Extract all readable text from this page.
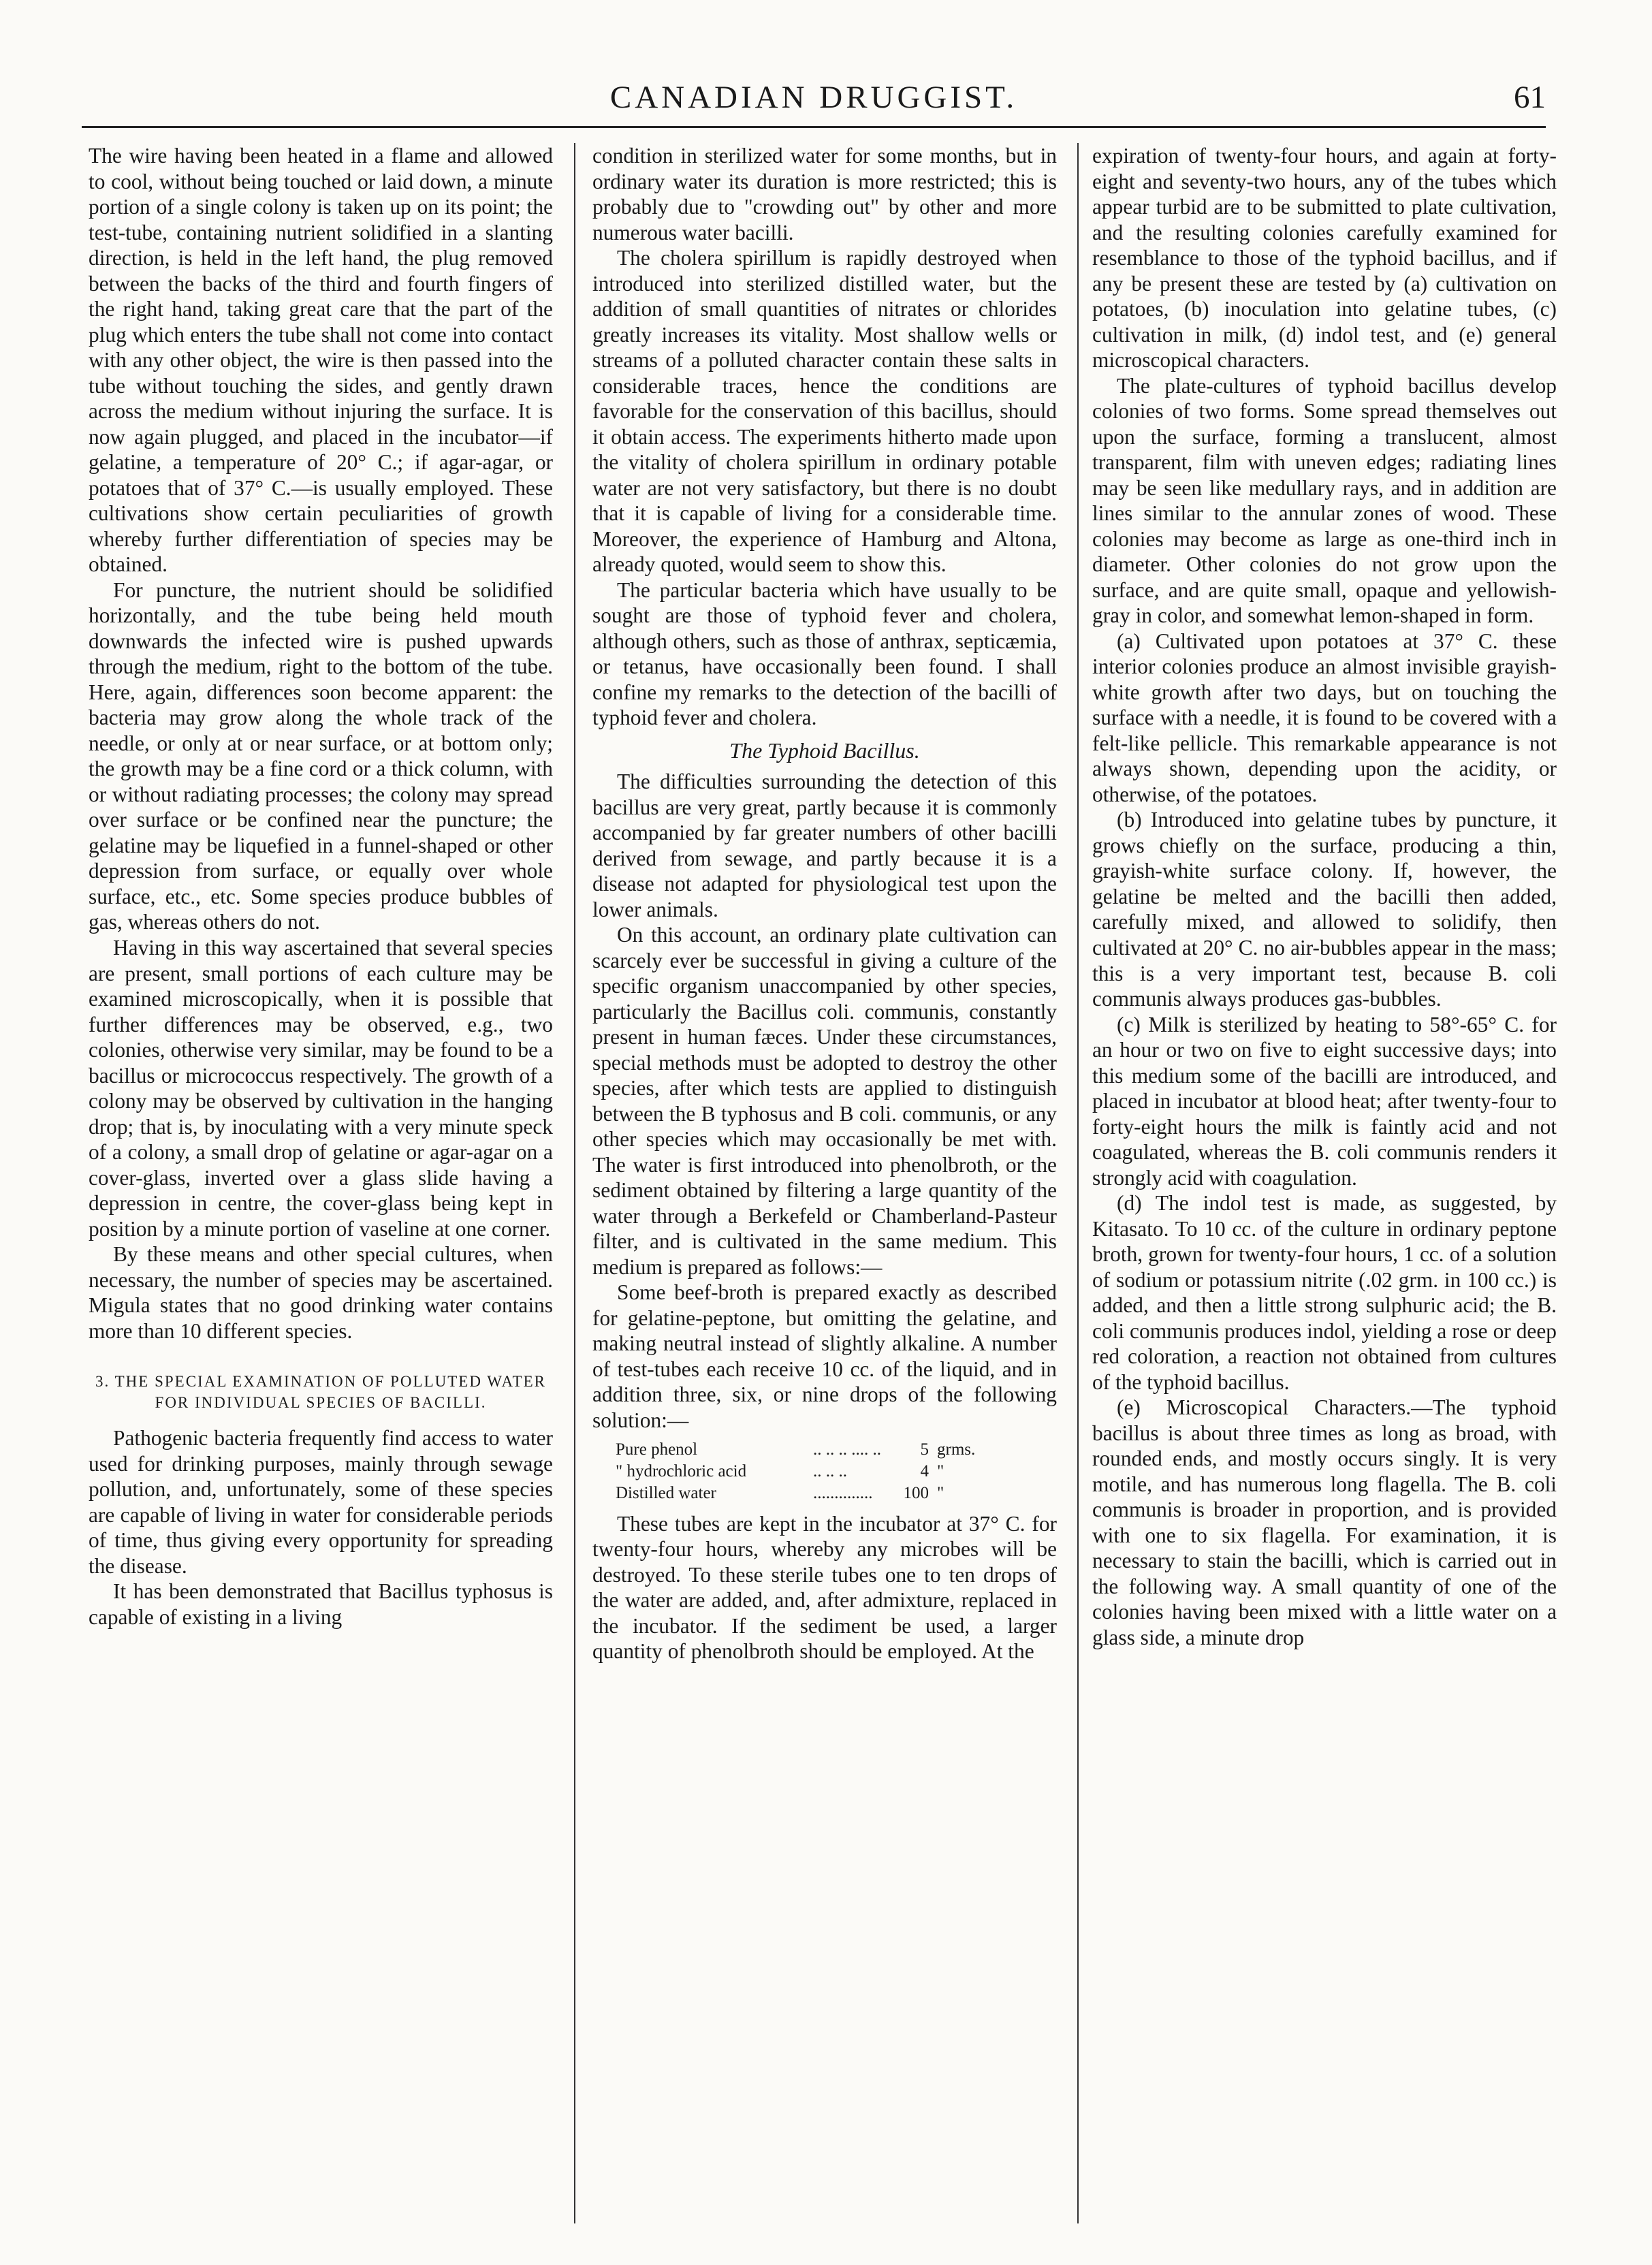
CANADIAN DRUGGIST.	61

The wire having been heated in a flame and allowed to cool, without being touched or laid down, a minute portion of a single colony is taken up on its point; the test-tube, containing nutrient solidified in a slanting direction, is held in the left hand, the plug removed between the backs of the third and fourth fingers of the right hand, taking great care that the part of the plug which enters the tube shall not come into contact with any other object, the wire is then passed into the tube without touching the sides, and gently drawn across the medium without injuring the surface. It is now again plugged, and placed in the incubator—if gelatine, a temperature of 20° C.; if agar-agar, or potatoes that of 37° C.—is usually employed. These cultivations show certain peculiarities of growth whereby further differentiation of species may be obtained.

For puncture, the nutrient should be solidified horizontally, and the tube being held mouth downwards the infected wire is pushed upwards through the medium, right to the bottom of the tube. Here, again, differences soon become apparent: the bacteria may grow along the whole track of the needle, or only at or near surface, or at bottom only; the growth may be a fine cord or a thick column, with or without radiating processes; the colony may spread over surface or be confined near the puncture; the gelatine may be liquefied in a funnel-shaped or other depression from surface, or equally over whole surface, etc., etc. Some species produce bubbles of gas, whereas others do not.

Having in this way ascertained that several species are present, small portions of each culture may be examined microscopically, when it is possible that further differences may be observed, e.g., two colonies, otherwise very similar, may be found to be a bacillus or micrococcus respectively. The growth of a colony may be observed by cultivation in the hanging drop; that is, by inoculating with a very minute speck of a colony, a small drop of gelatine or agar-agar on a cover-glass, inverted over a glass slide having a depression in centre, the cover-glass being kept in position by a minute portion of vaseline at one corner.

By these means and other special cultures, when necessary, the number of species may be ascertained. Migula states that no good drinking water contains more than 10 different species.

3. THE SPECIAL EXAMINATION OF POLLUTED WATER FOR INDIVIDUAL SPECIES OF BACILLI.

Pathogenic bacteria frequently find access to water used for drinking purposes, mainly through sewage pollution, and, unfortunately, some of these species are capable of living in water for considerable periods of time, thus giving every opportunity for spreading the disease.

It has been demonstrated that Bacillus typhosus is capable of existing in a living

condition in sterilized water for some months, but in ordinary water its duration is more restricted; this is probably due to "crowding out" by other and more numerous water bacilli.

The cholera spirillum is rapidly destroyed when introduced into sterilized distilled water, but the addition of small quantities of nitrates or chlorides greatly increases its vitality. Most shallow wells or streams of a polluted character contain these salts in considerable traces, hence the conditions are favorable for the conservation of this bacillus, should it obtain access. The experiments hitherto made upon the vitality of cholera spirillum in ordinary potable water are not very satisfactory, but there is no doubt that it is capable of living for a considerable time. Moreover, the experience of Hamburg and Altona, already quoted, would seem to show this.

The particular bacteria which have usually to be sought are those of typhoid fever and cholera, although others, such as those of anthrax, septicæmia, or tetanus, have occasionally been found. I shall confine my remarks to the detection of the bacilli of typhoid fever and cholera.

The Typhoid Bacillus.

The difficulties surrounding the detection of this bacillus are very great, partly because it is commonly accompanied by far greater numbers of other bacilli derived from sewage, and partly because it is a disease not adapted for physiological test upon the lower animals.

On this account, an ordinary plate cultivation can scarcely ever be successful in giving a culture of the specific organism unaccompanied by other species, particularly the Bacillus coli. communis, constantly present in human fæces. Under these circumstances, special methods must be adopted to destroy the other species, after which tests are applied to distinguish between the B typhosus and B coli. communis, or any other species which may occasionally be met with. The water is first introduced into phenolbroth, or the sediment obtained by filtering a large quantity of the water through a Berkefeld or Chamberland-Pasteur filter, and is cultivated in the same medium. This medium is prepared as follows:—

Some beef-broth is prepared exactly as described for gelatine-peptone, but omitting the gelatine, and making neutral instead of slightly alkaline. A number of test-tubes each receive 10 cc. of the liquid, and in addition three, six, or nine drops of the following solution:—

Pure phenol	.. .. .. .... ..	5 grms.
" hydrochloric acid	.. .. ..	4 "
Distilled water	..............	100 "

These tubes are kept in the incubator at 37° C. for twenty-four hours, whereby any microbes will be destroyed. To these sterile tubes one to ten drops of the water are added, and, after admixture, replaced in the incubator. If the sediment be used, a larger quantity of phenolbroth should be employed. At the

expiration of twenty-four hours, and again at forty-eight and seventy-two hours, any of the tubes which appear turbid are to be submitted to plate cultivation, and the resulting colonies carefully examined for resemblance to those of the typhoid bacillus, and if any be present these are tested by (a) cultivation on potatoes, (b) inoculation into gelatine tubes, (c) cultivation in milk, (d) indol test, and (e) general microscopical characters.

The plate-cultures of typhoid bacillus develop colonies of two forms. Some spread themselves out upon the surface, forming a translucent, almost transparent, film with uneven edges; radiating lines may be seen like medullary rays, and in addition are lines similar to the annular zones of wood. These colonies may become as large as one-third inch in diameter. Other colonies do not grow upon the surface, and are quite small, opaque and yellowish-gray in color, and somewhat lemon-shaped in form.

(a) Cultivated upon potatoes at 37° C. these interior colonies produce an almost invisible grayish-white growth after two days, but on touching the surface with a needle, it is found to be covered with a felt-like pellicle. This remarkable appearance is not always shown, depending upon the acidity, or otherwise, of the potatoes.

(b) Introduced into gelatine tubes by puncture, it grows chiefly on the surface, producing a thin, grayish-white surface colony. If, however, the gelatine be melted and the bacilli then added, carefully mixed, and allowed to solidify, then cultivated at 20° C. no air-bubbles appear in the mass; this is a very important test, because B. coli communis always produces gas-bubbles.

(c) Milk is sterilized by heating to 58°-65° C. for an hour or two on five to eight successive days; into this medium some of the bacilli are introduced, and placed in incubator at blood heat; after twenty-four to forty-eight hours the milk is faintly acid and not coagulated, whereas the B. coli communis renders it strongly acid with coagulation.

(d) The indol test is made, as suggested, by Kitasato. To 10 cc. of the culture in ordinary peptone broth, grown for twenty-four hours, 1 cc. of a solution of sodium or potassium nitrite (.02 grm. in 100 cc.) is added, and then a little strong sulphuric acid; the B. coli communis produces indol, yielding a rose or deep red coloration, a reaction not obtained from cultures of the typhoid bacillus.

(e) Microscopical Characters.—The typhoid bacillus is about three times as long as broad, with rounded ends, and mostly occurs singly. It is very motile, and has numerous long flagella. The B. coli communis is broader in proportion, and is provided with one to six flagella. For examination, it is necessary to stain the bacilli, which is carried out in the following way. A small quantity of one of the colonies having been mixed with a little water on a glass side, a minute drop
